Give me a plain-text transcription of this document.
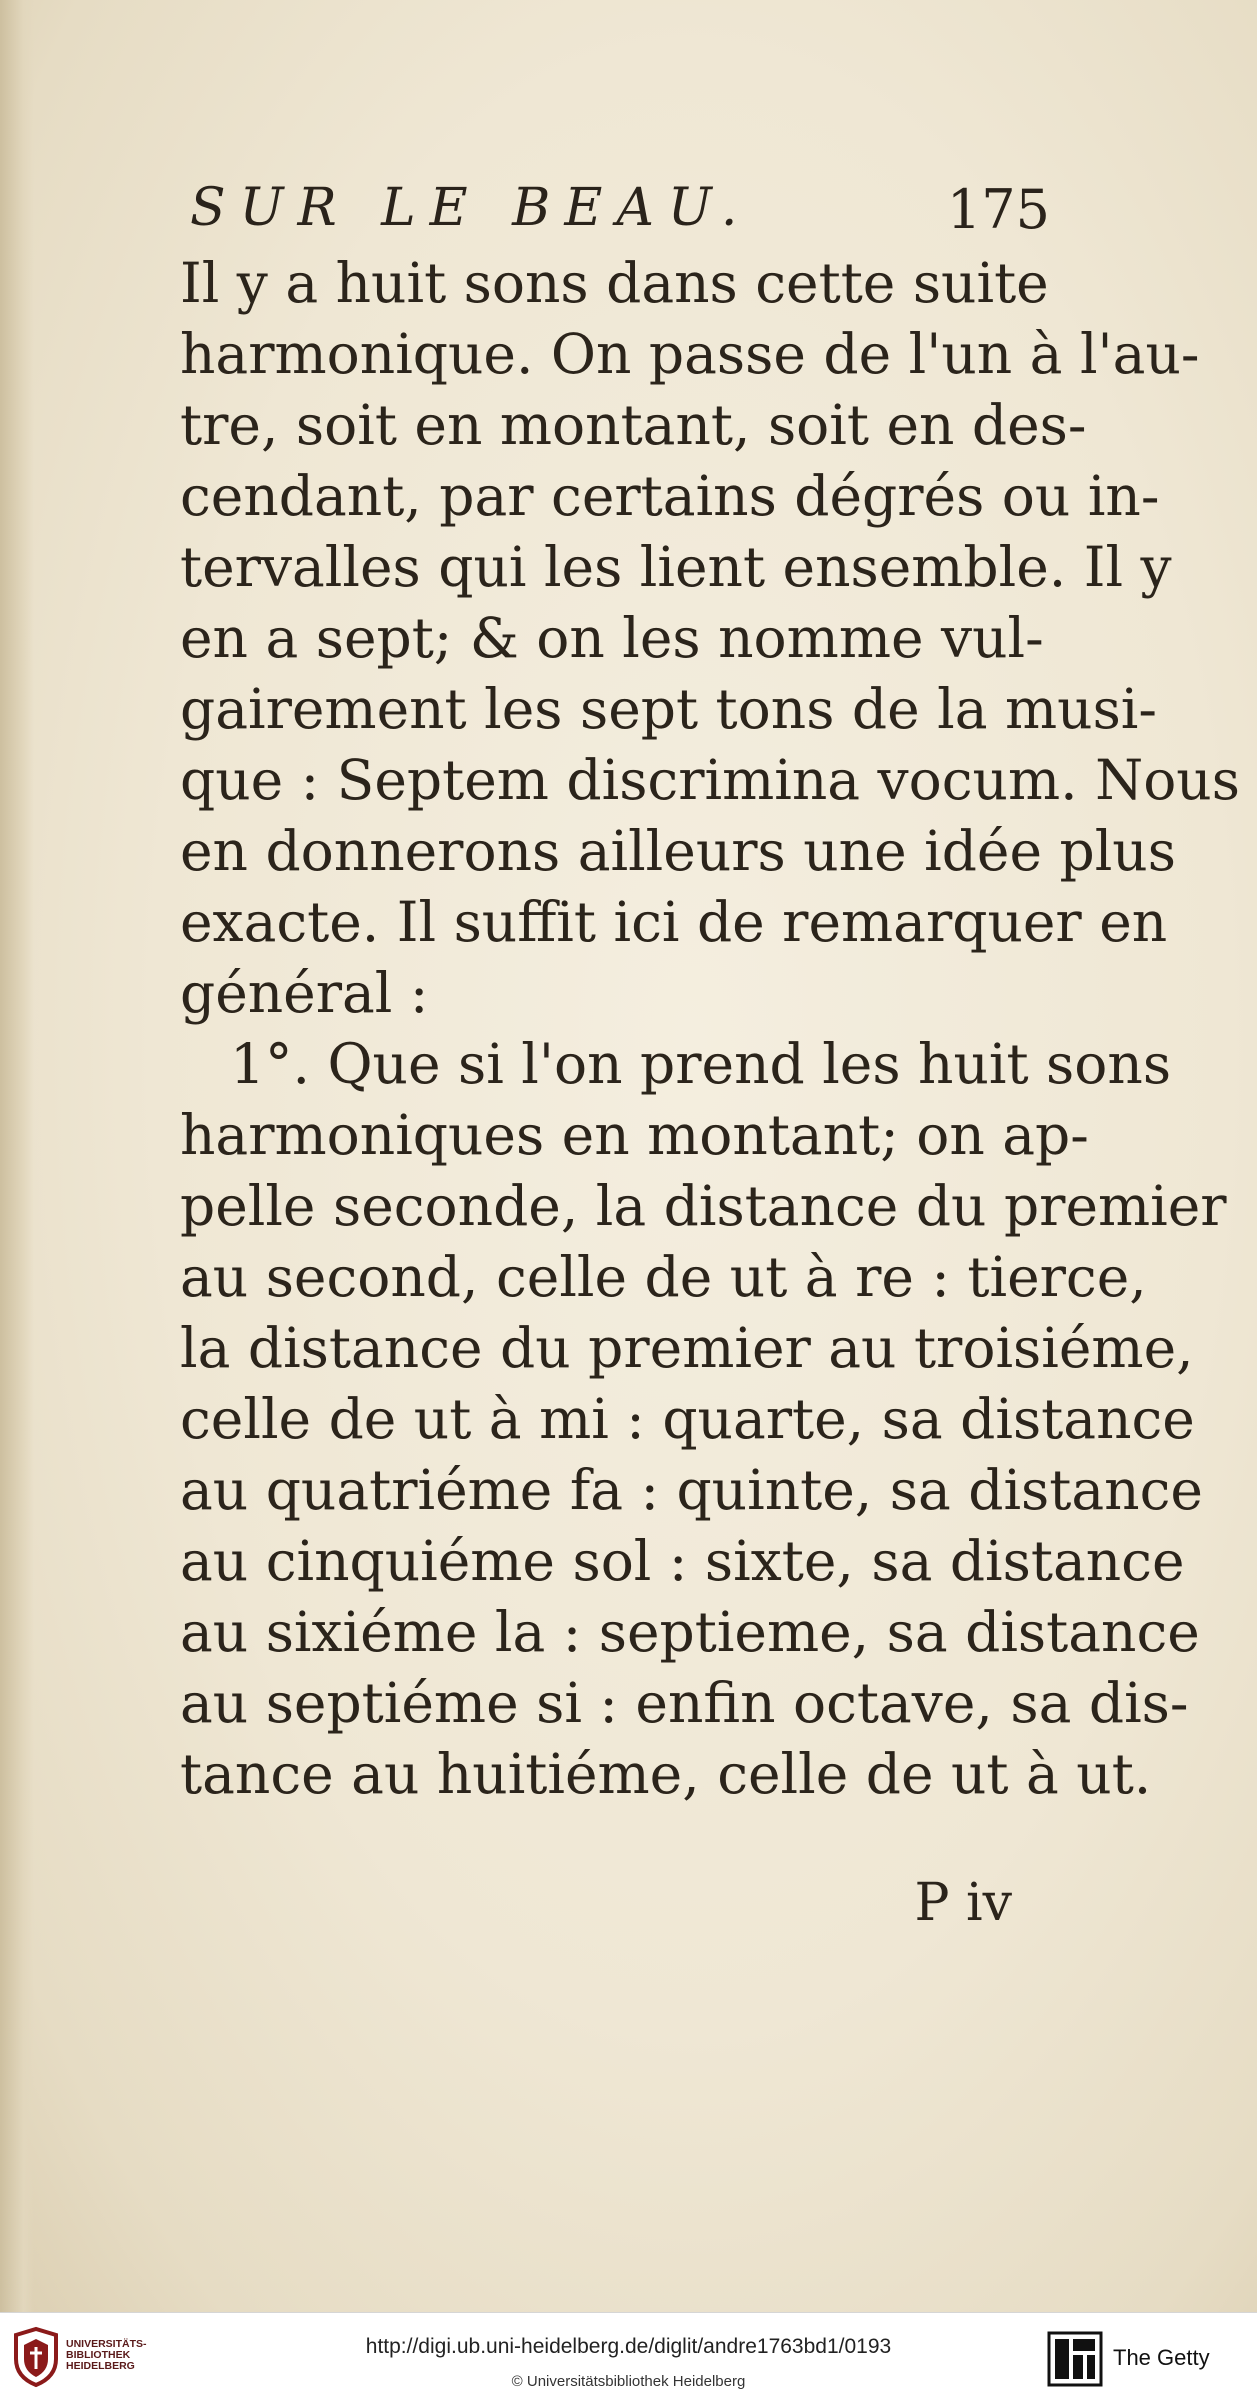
SUR LE BEAU.	175
Il y a huit sons dans cette suite
harmonique. On passe de l'un à l'au-
tre, soit en montant, soit en des-
cendant, par certains dégrés ou in-
tervalles qui les lient ensemble. Il y
en a sept; & on les nomme vul-
gairement les sept tons de la musi-
que : Septem discrimina vocum. Nous
en donnerons ailleurs une idée plus
exacte. Il suffit ici de remarquer en
général :
1°. Que si l'on prend les huit sons
harmoniques en montant; on ap-
pelle seconde, la distance du premier
au second, celle de ut à re : tierce,
la distance du premier au troisiéme,
celle de ut à mi : quarte, sa distance
au quatriéme fa : quinte, sa distance
au cinquiéme sol : sixte, sa distance
au sixiéme la : septieme, sa distance
au septiéme si : enfin octave, sa dis-
tance au huitiéme, celle de ut à ut.
P iv
UNIVERSITÄTS-
BIBLIOTHEK
HEIDELBERG
http://digi.ub.uni-heidelberg.de/diglit/andre1763bd1/0193
© Universitätsbibliothek Heidelberg
The Getty
